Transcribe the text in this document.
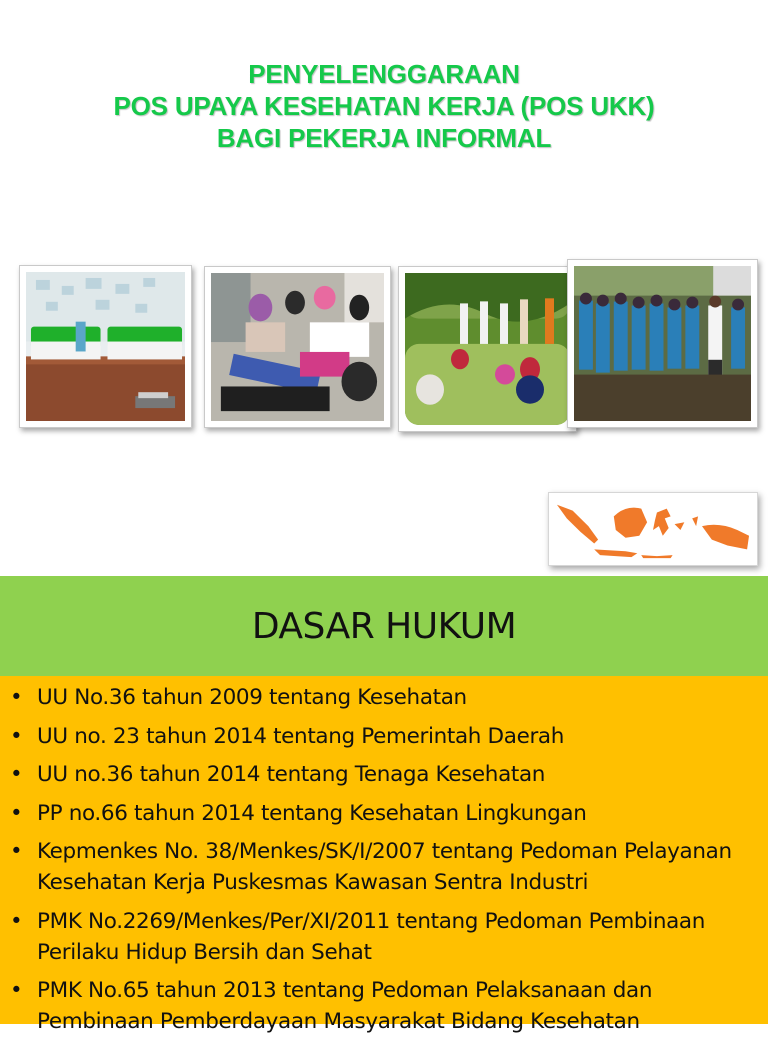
PENYELENGGARAAN
POS UPAYA KESEHATAN KERJA (POS UKK)
BAGI PEKERJA INFORMAL
DASAR HUKUM
• UU No.36 tahun 2009 tentang Kesehatan
• UU no. 23 tahun 2014 tentang Pemerintah Daerah
• UU no.36 tahun 2014 tentang Tenaga Kesehatan
• PP no.66 tahun 2014 tentang Kesehatan Lingkungan
• Kepmenkes No. 38/Menkes/SK/I/2007 tentang Pedoman Pelayanan Kesehatan Kerja Puskesmas Kawasan Sentra Industri
• PMK No.2269/Menkes/Per/XI/2011 tentang Pedoman Pembinaan Perilaku Hidup Bersih dan Sehat
• PMK No.65 tahun 2013 tentang Pedoman Pelaksanaan dan Pembinaan Pemberdayaan Masyarakat Bidang Kesehatan
